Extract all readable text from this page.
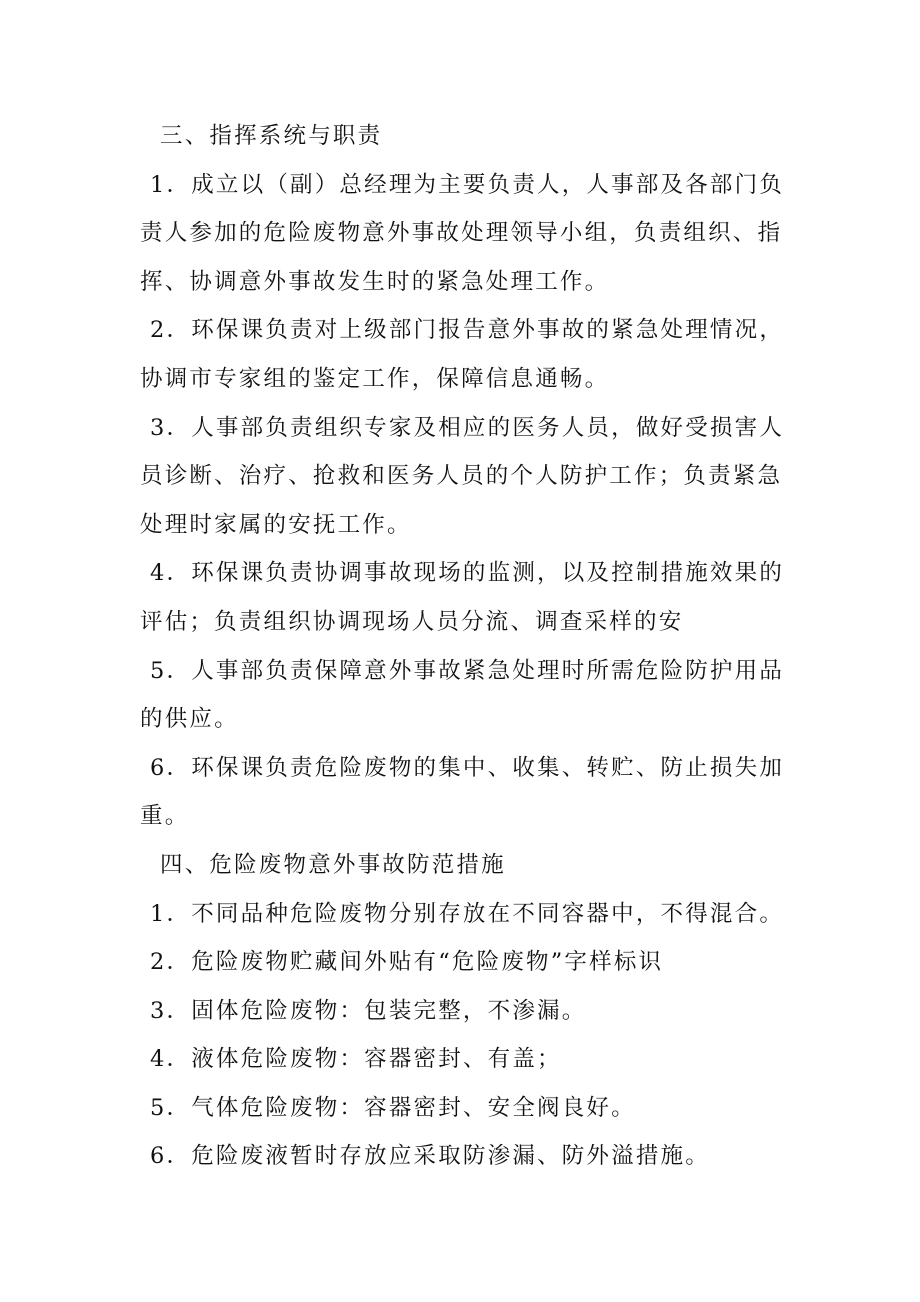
三、指挥系统与职责
1．成立以（副）总经理为主要负责人，人事部及各部门负
责人参加的危险废物意外事故处理领导小组，负责组织、指
挥、协调意外事故发生时的紧急处理工作。
2．环保课负责对上级部门报告意外事故的紧急处理情况，
协调市专家组的鉴定工作，保障信息通畅。
3．人事部负责组织专家及相应的医务人员，做好受损害人
员诊断、治疗、抢救和医务人员的个人防护工作；负责紧急
处理时家属的安抚工作。
4．环保课负责协调事故现场的监测，以及控制措施效果的
评估；负责组织协调现场人员分流、调查采样的安
5．人事部负责保障意外事故紧急处理时所需危险防护用品
的供应。
6．环保课负责危险废物的集中、收集、转贮、防止损失加
重。
四、危险废物意外事故防范措施
1．不同品种危险废物分别存放在不同容器中，不得混合。
2．危险废物贮藏间外贴有“危险废物”字样标识
3．固体危险废物：包装完整，不渗漏。
4．液体危险废物：容器密封、有盖；
5．气体危险废物：容器密封、安全阀良好。
6．危险废液暂时存放应采取防渗漏、防外溢措施。
